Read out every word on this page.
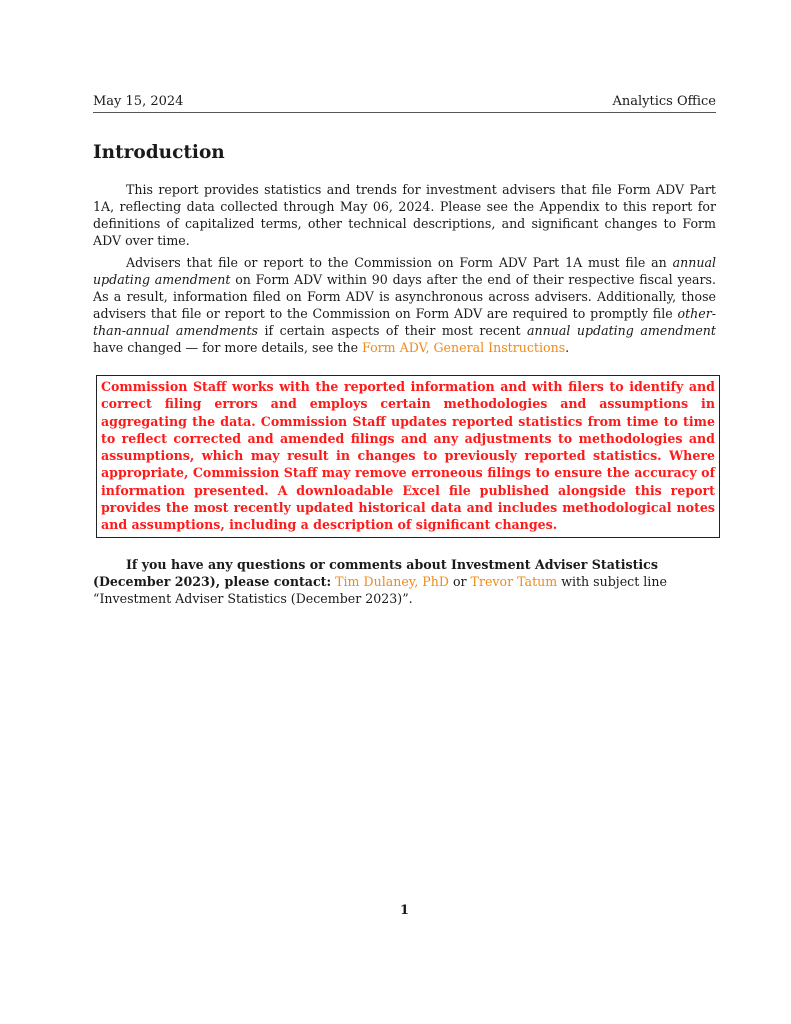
May 15, 2024	Analytics Office
Introduction

This report provides statistics and trends for investment advisers that file Form ADV Part 1A, reflecting data collected through May 06, 2024. Please see the Appendix to this report for definitions of capitalized terms, other technical descriptions, and significant changes to Form ADV over time.

Advisers that file or report to the Commission on Form ADV Part 1A must file an annual updating amendment on Form ADV within 90 days after the end of their respective fiscal years. As a result, information filed on Form ADV is asynchronous across advisers. Additionally, those advisers that file or report to the Commission on Form ADV are required to promptly file other-than-annual amendments if certain aspects of their most recent annual updating amendment have changed — for more details, see the Form ADV, General Instructions.

Commission Staff works with the reported information and with filers to identify and correct filing errors and employs certain methodologies and assumptions in aggregating the data. Commission Staff updates reported statistics from time to time to reflect corrected and amended filings and any adjustments to methodologies and assumptions, which may result in changes to previously reported statistics. Where appropriate, Commission Staff may remove erroneous filings to ensure the accuracy of information presented. A downloadable Excel file published alongside this report provides the most recently updated historical data and includes methodological notes and assumptions, including a description of significant changes.

If you have any questions or comments about Investment Adviser Statistics (December 2023), please contact: Tim Dulaney, PhD or Trevor Tatum with subject line “Investment Adviser Statistics (December 2023)”.

1
